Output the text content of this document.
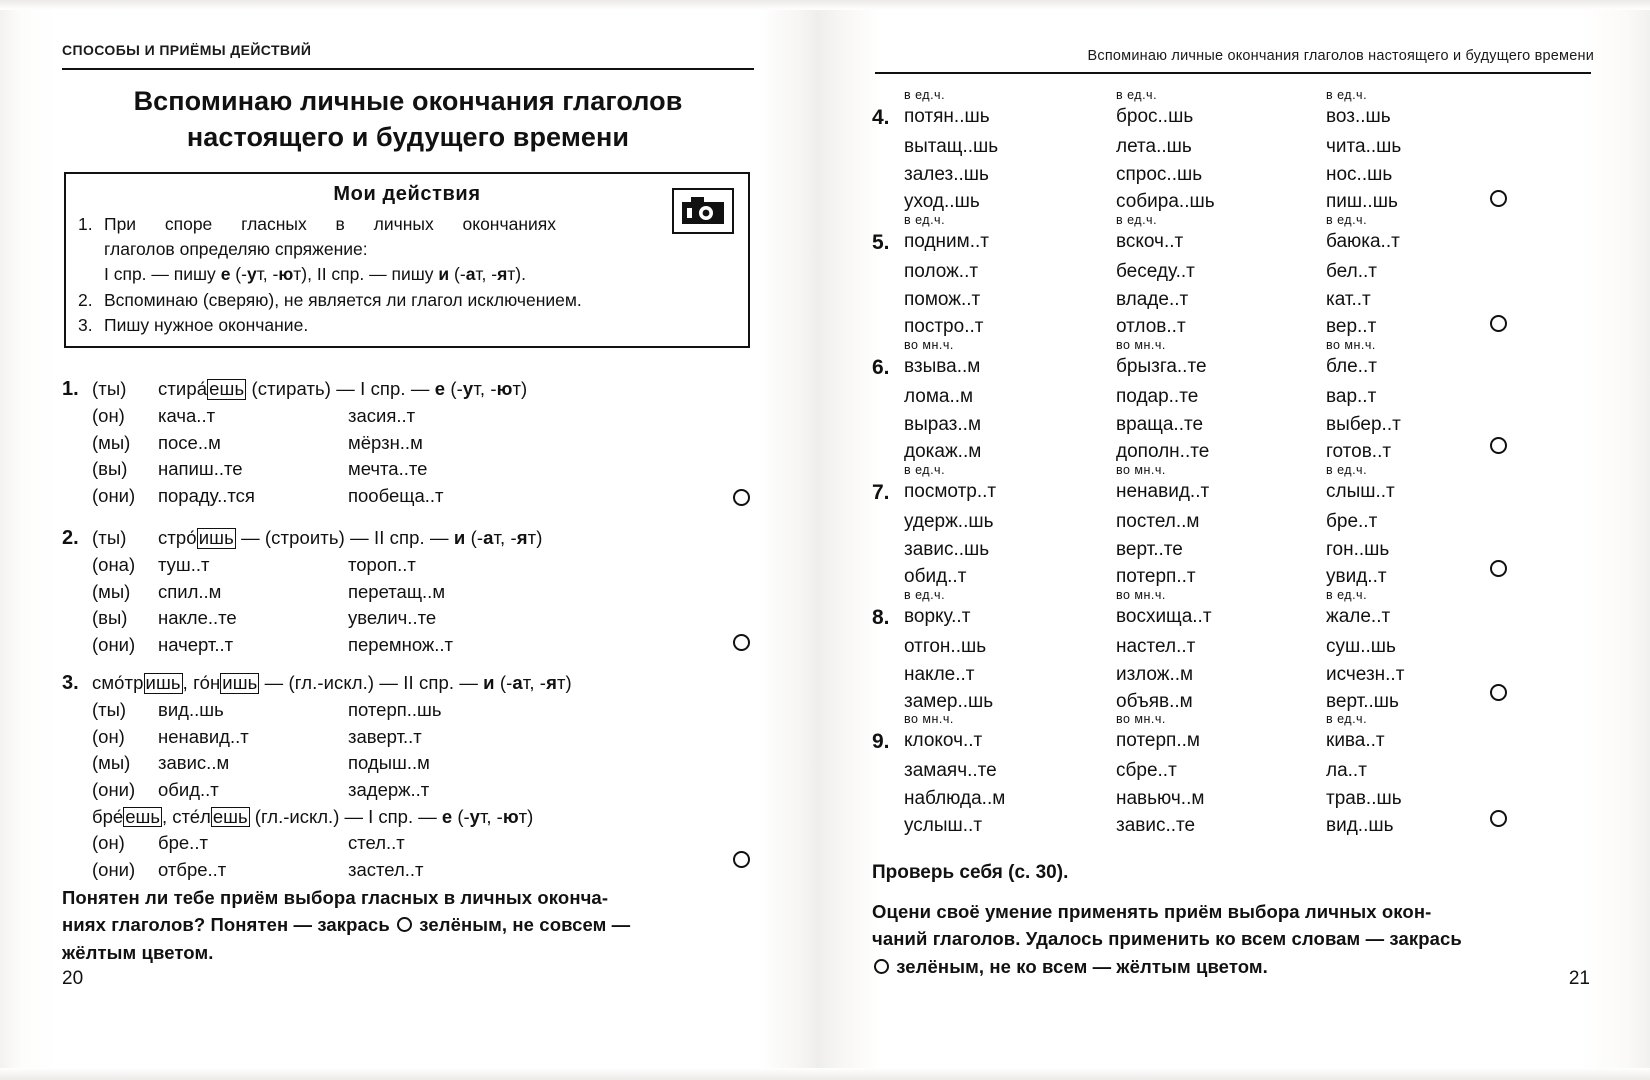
СПОСОБЫ И ПРИЁМЫ ДЕЙСТВИЙ
Вспоминаю личные окончания глаголов
настоящего и будущего времени
Мои действия
1. При споре гласных в личных окончаниях
глаголов определяю спряжение:
I спр. — пишу е (-ут, -ют), II спр. — пишу и (-ат, -ят).
2. Вспоминаю (сверяю), не является ли глагол исключением.
3. Пишу нужное окончание.
1. (ты) стира́ ешь (стирать) — I спр. — е (-ут, -ют)
(он)	кача..т	засия..т
(мы)	посе..м	мёрзн..м
(вы)	напиш..те	мечта..те
(они)	пораду..тся	пообеща..т
2. (ты) стро́ ишь — (строить) — II спр. — и (-ат, -ят)
(она)	туш..т	тороп..т
(мы)	спил..м	перетащ..м
(вы)	накле..те	увелич..те
(они)	начерт..т	перемнож..т
3. смо́тр ишь , го́н ишь — (гл.-искл.) — II спр. — и (-ат, -ят)
(ты)	вид..шь	потерп..шь
(он)	ненавид..т	заверт..т
(мы)	завис..м	подыш..м
(они)	обид..т	задерж..т
бре́ ешь , сте́л ешь (гл.-искл.) — I спр. — е (-ут, -ют)
(он)	бре..т	стел..т
(они)	отбре..т	застел..т
Понятен ли тебе приём выбора гласных в личных оконча-
ниях глаголов? Понятен — закрась  зелёным, не совсем —
жёлтым цветом.
20
Вспоминаю личные окончания глаголов настоящего и будущего времени
в ед.ч.	в ед.ч.	в ед.ч.
4. потян..шь	брос..шь	воз..шь
вытащ..шь	лета..шь	чита..шь
залез..шь	спрос..шь	нос..шь
уход..шь	собира..шь	пиш..шь
в ед.ч.	в ед.ч.	в ед.ч.
5. подним..т	вскоч..т	баюка..т
полож..т	беседу..т	бел..т
помож..т	владе..т	кат..т
постро..т	отлов..т	вер..т
во мн.ч.	во мн.ч.	во мн.ч.
6. взыва..м	брызга..те	бле..т
лома..м	подар..те	вар..т
выраз..м	враща..те	выбер..т
докаж..м	дополн..те	готов..т
в ед.ч.	во мн.ч.	в ед.ч.
7. посмотр..т	ненавид..т	слыш..т
удерж..шь	постел..м	бре..т
завис..шь	верт..те	гон..шь
обид..т	потерп..т	увид..т
в ед.ч.	во мн.ч.	в ед.ч.
8. ворку..т	восхища..т	жале..т
отгон..шь	настел..т	суш..шь
накле..т	излож..м	исчезн..т
замер..шь	объяв..м	верт..шь
во мн.ч.	во мн.ч.	в ед.ч.
9. клокоч..т	потерп..м	кива..т
замаяч..те	сбре..т	ла..т
наблюда..м	навьюч..м	трав..шь
услыш..т	завис..те	вид..шь
Проверь себя (с. 30).
Оцени своё умение применять приём выбора личных окон-
чаний глаголов. Удалось применить ко всем словам — закрась
зелёным, не ко всем — жёлтым цветом.
21
